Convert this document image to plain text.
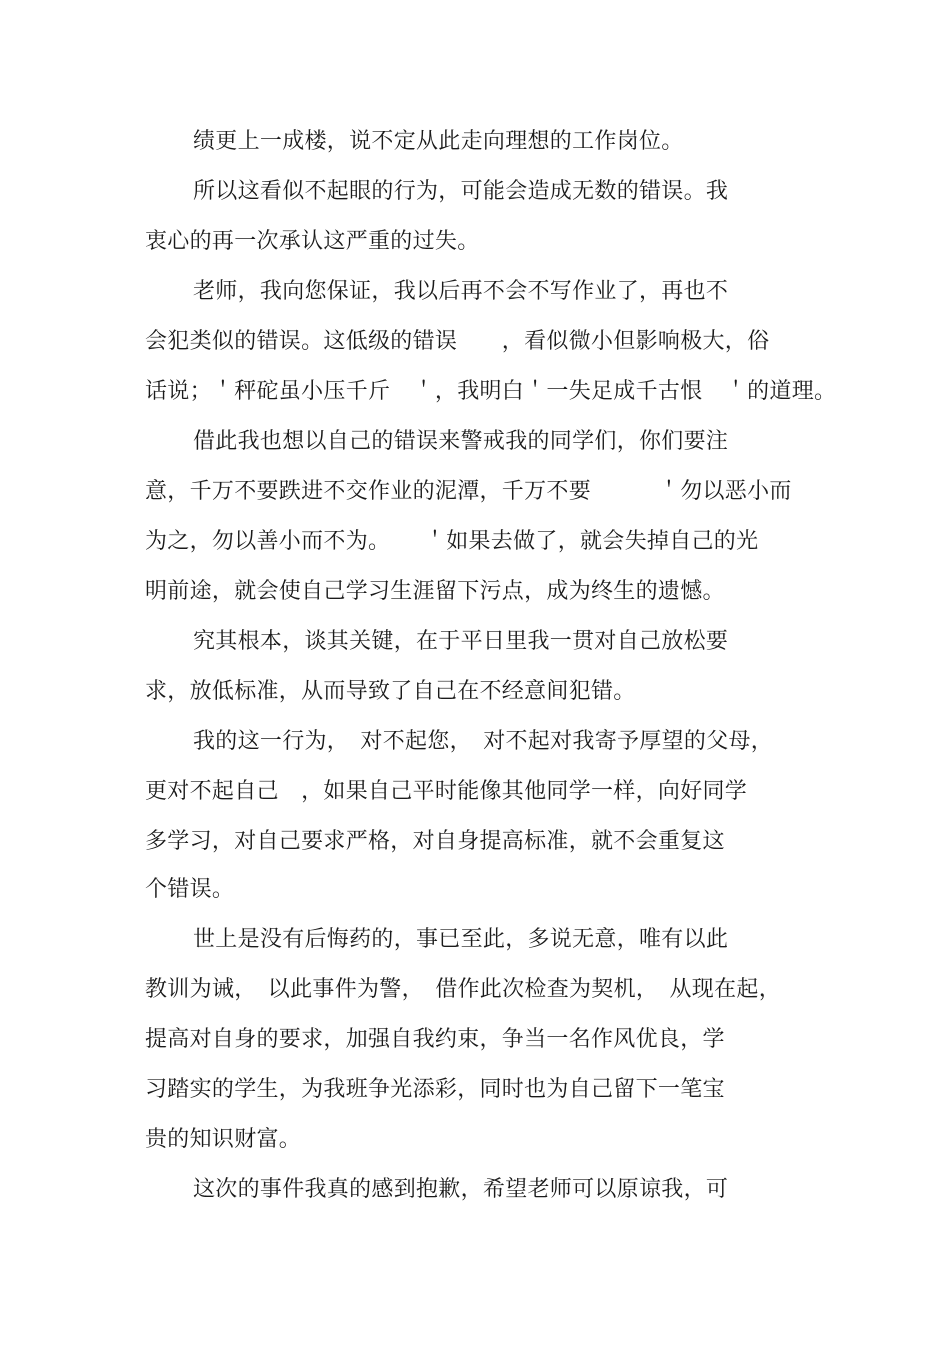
绩更上一成楼，说不定从此走向理想的工作岗位。
所以这看似不起眼的行为，可能会造成无数的错误。我
衷心的再一次承认这严重的过失。
老师，我向您保证，我以后再不会不写作业了，再也不
会犯类似的错误。这低级的错误　　，看似微小但影响极大，俗
话说；＇秤砣虽小压千斤　＇，我明白＇一失足成千古恨　＇的道理。
借此我也想以自己的错误来警戒我的同学们，你们要注
意，千万不要跌进不交作业的泥潭，千万不要　　　＇勿以恶小而
为之，勿以善小而不为。　　＇如果去做了，就会失掉自己的光
明前途，就会使自己学习生涯留下污点，成为终生的遗憾。
究其根本，谈其关键，在于平日里我一贯对自己放松要
求，放低标准，从而导致了自己在不经意间犯错。
我的这一行为，　对不起您，　对不起对我寄予厚望的父母，
更对不起自己　，如果自己平时能像其他同学一样，向好同学
多学习，对自己要求严格，对自身提高标准，就不会重复这
个错误。
世上是没有后悔药的，事已至此，多说无意，唯有以此
教训为诫，　以此事件为警，　借作此次检查为契机，　从现在起，
提高对自身的要求，加强自我约束，争当一名作风优良，学
习踏实的学生，为我班争光添彩，同时也为自己留下一笔宝
贵的知识财富。
这次的事件我真的感到抱歉，希望老师可以原谅我，可
